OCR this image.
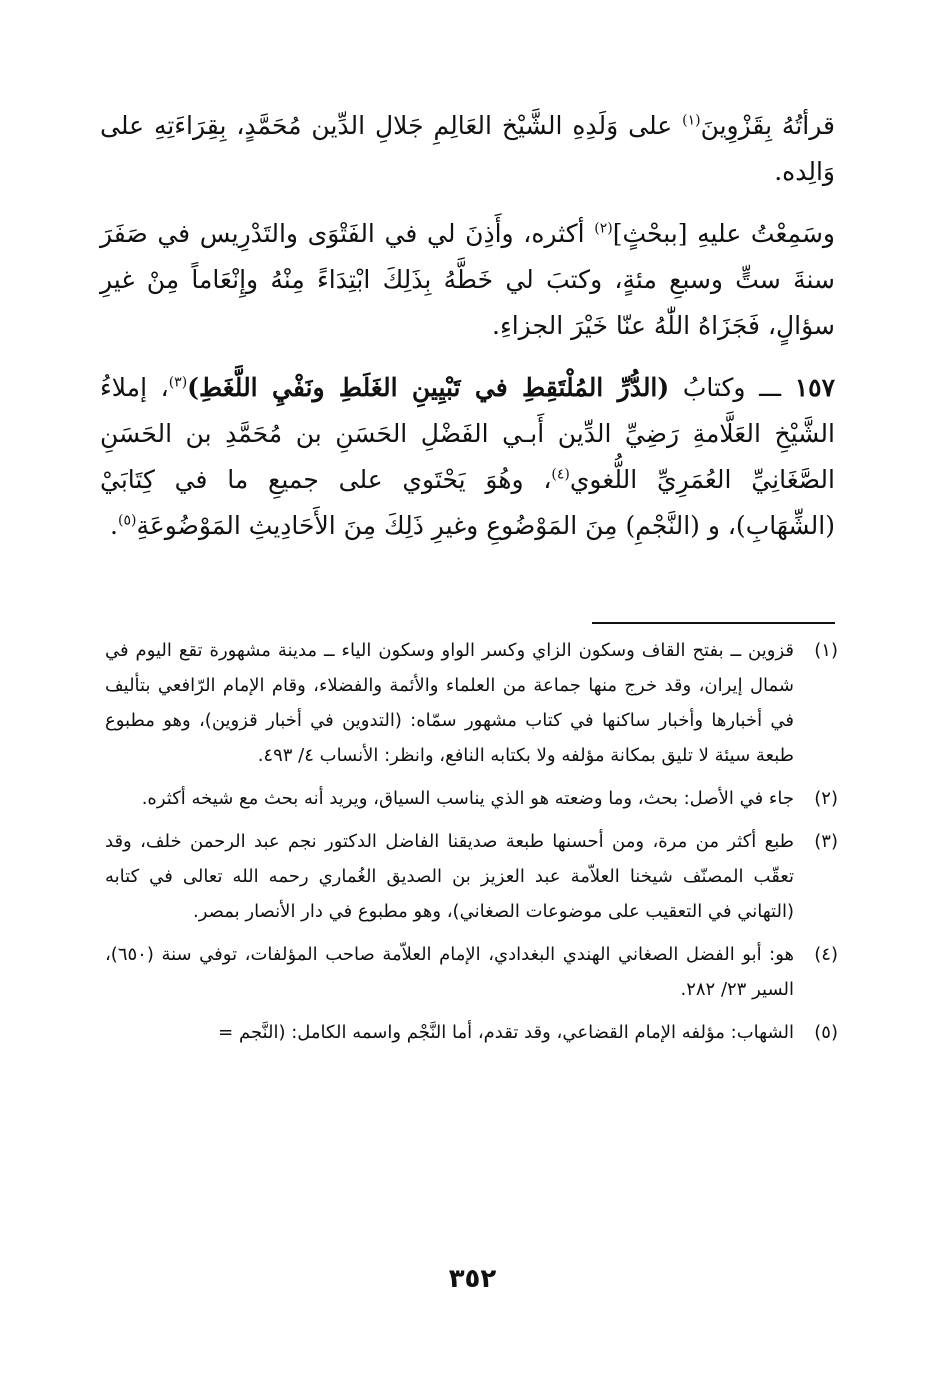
قرأتُهُ بِقَزْوِينَ$^{(١)}$ على وَلَدِهِ الشَّيْخ العَالِمِ جَلالِ الدِّين مُحَمَّدٍ، بِقِرَاءَتِهِ على وَالِده.

وسَمِعْتُ عليهِ [ببحْثٍ]$^{(٢)}$ أكثره، وأَذِنَ لي في الفَتْوَى والتَدْرِيس في صَفَرَ سنةَ ستٍّ وسبعِ مئةٍ، وكتبَ لي خَطَّهُ بِذَلِكَ ابْتِدَاءً مِنْهُ وإِنْعَاماً مِنْ غيرِ سؤالٍ، فَجَزَاهُ اللّٰهُ عنّا خَيْرَ الجزاءِ.

١٥٧ ـــ وكتابُ (الدُّرِّ المُلْتَقِطِ في تَبْيِينِ الغَلَطِ ونَفْيِ اللَّغَطِ)$^{(٣)}$، إملاءُ الشَّيْخِ العَلَّامةِ رَضِيِّ الدِّين أَبـي الفَضْلِ الحَسَنِ بن مُحَمَّدِ بن الحَسَنِ الصَّغَانِيِّ العُمَرِيِّ اللُّغوي$^{(٤)}$، وهُوَ يَحْتَوي على جميعِ ما في كِتَابَيْ (الشِّهَابِ)، و (النَّجْمِ) مِنَ المَوْضُوعِ وغيرِ ذَلِكَ مِنَ الأَحَادِيثِ المَوْضُوعَةِ$^{(٥)}$.

(١)
قزوين ــ بفتح القاف وسكون الزاي وكسر الواو وسكون الياء ــ مدينة مشهورة تقع اليوم في شمال إيران، وقد خرج منها جماعة من العلماء والأئمة والفضلاء، وقام الإمام الرّافعي بتأليف في أخبارها وأخبار ساكنها في كتاب مشهور سمّاه: (التدوين في أخبار قزوين)، وهو مطبوع طبعة سيئة لا تليق بمكانة مؤلفه ولا بكتابه النافع، وانظر: الأنساب ٤/ ٤٩٣.
(٢)
جاء في الأصل: بحث، وما وضعته هو الذي يناسب السياق، ويريد أنه بحث مع شيخه أكثره.
(٣)
طبع أكثر من مرة، ومن أحسنها طبعة صديقنا الفاضل الدكتور نجم عبد الرحمن خلف، وقد تعقّب المصنّف شيخنا العلاّمة عبد العزيز بن الصديق الغُماري رحمه الله تعالى في كتابه (التهاني في التعقيب على موضوعات الصغاني)، وهو مطبوع في دار الأنصار بمصر.
(٤)
هو: أبو الفضل الصغاني الهندي البغدادي، الإمام العلاّمة صاحب المؤلفات، توفي سنة (٦٥٠)، السير ٢٣/ ٢٨٢.
(٥)
الشهاب: مؤلفه الإمام القضاعي، وقد تقدم، أما النَّجْم واسمه الكامل: (النَّجم =
٣٥٢
